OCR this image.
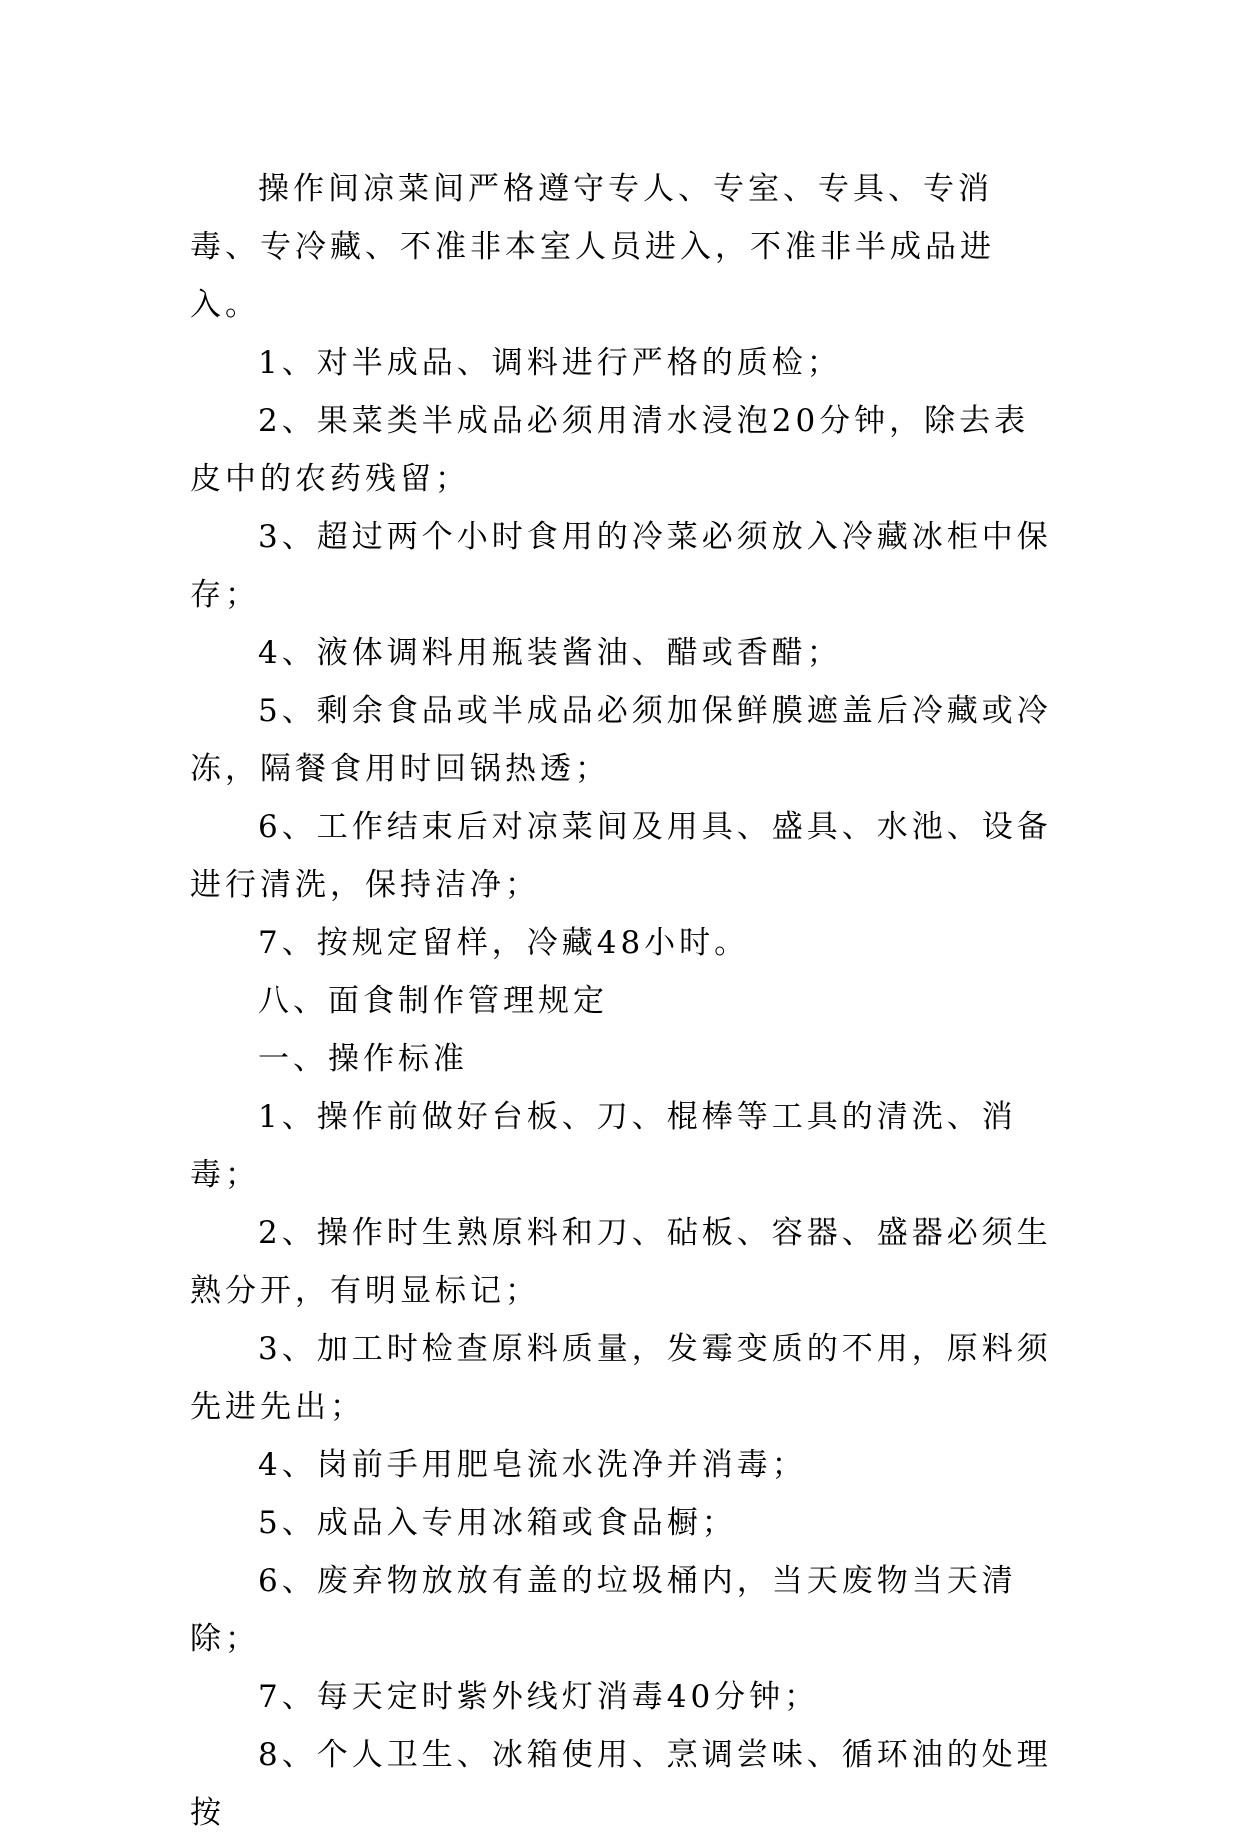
操作间凉菜间严格遵守专人、专室、专具、专消毒、专冷藏、不准非本室人员进入，不准非半成品进入。

1、对半成品、调料进行严格的质检；

2、果菜类半成品必须用清水浸泡20分钟，除去表皮中的农药残留；

3、超过两个小时食用的冷菜必须放入冷藏冰柜中保存；

4、液体调料用瓶装酱油、醋或香醋；

5、剩余食品或半成品必须加保鲜膜遮盖后冷藏或冷冻，隔餐食用时回锅热透；

6、工作结束后对凉菜间及用具、盛具、水池、设备进行清洗，保持洁净；

7、按规定留样，冷藏48小时。

八、面食制作管理规定

一、操作标准

1、操作前做好台板、刀、棍棒等工具的清洗、消毒；

2、操作时生熟原料和刀、砧板、容器、盛器必须生熟分开，有明显标记；

3、加工时检查原料质量，发霉变质的不用，原料须先进先出；

4、岗前手用肥皂流水洗净并消毒；

5、成品入专用冰箱或食品橱；

6、废弃物放放有盖的垃圾桶内，当天废物当天清除；

7、每天定时紫外线灯消毒40分钟；

8、个人卫生、冰箱使用、烹调尝味、循环油的处理按
